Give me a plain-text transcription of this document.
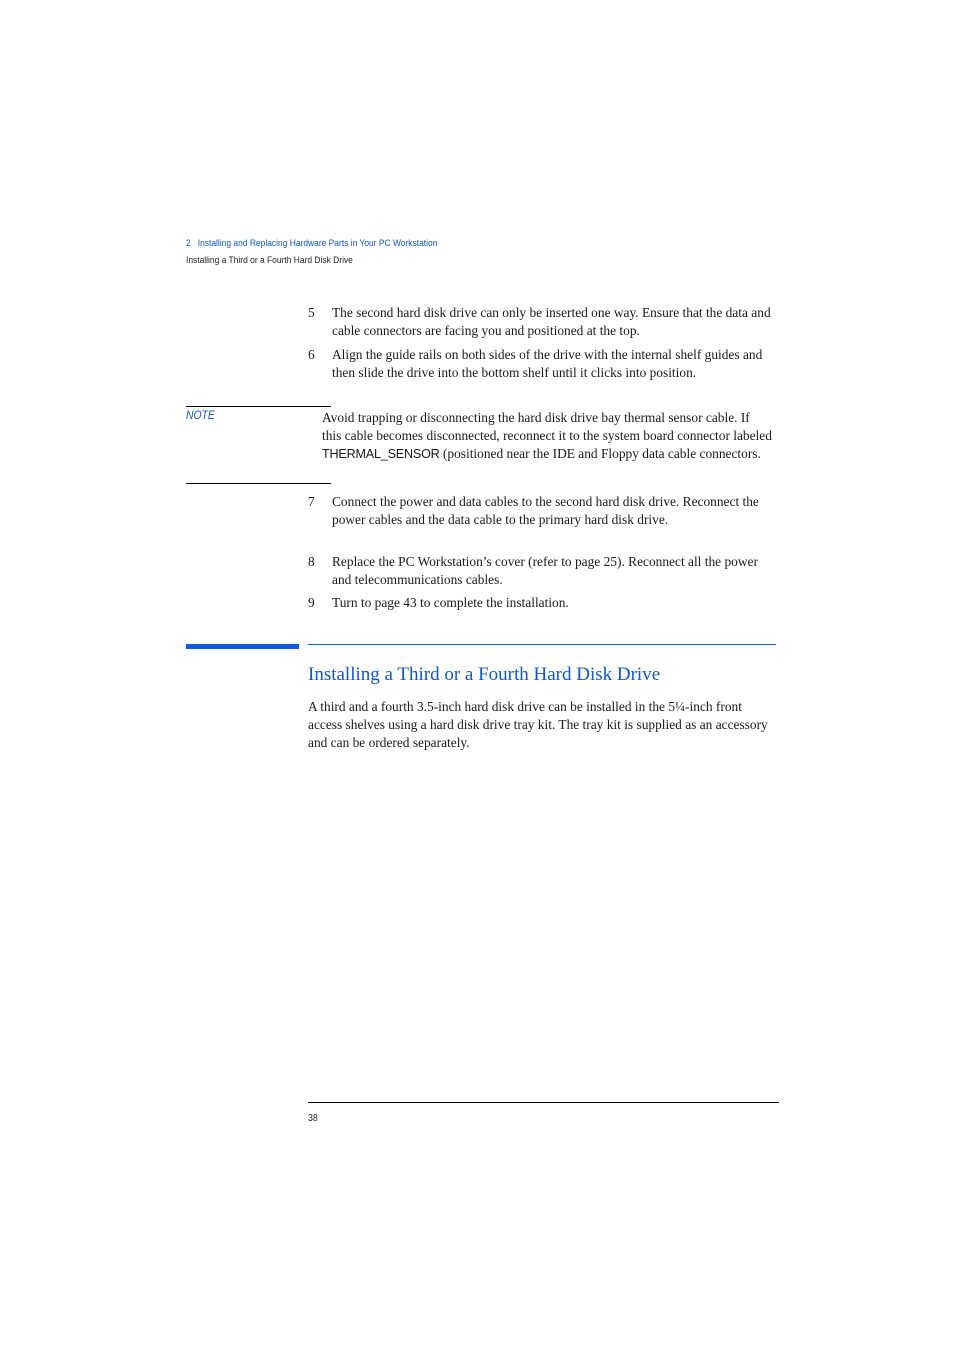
2 Installing and Replacing Hardware Parts in Your PC Workstation
Installing a Third or a Fourth Hard Disk Drive
5	The second hard disk drive can only be inserted one way. Ensure that the data and cable connectors are facing you and positioned at the top.
6	Align the guide rails on both sides of the drive with the internal shelf guides and then slide the drive into the bottom shelf until it clicks into position.
NOTE	Avoid trapping or disconnecting the hard disk drive bay thermal sensor cable. If this cable becomes disconnected, reconnect it to the system board connector labeled THERMAL_SENSOR (positioned near the IDE and Floppy data cable connectors.
7	Connect the power and data cables to the second hard disk drive. Reconnect the power cables and the data cable to the primary hard disk drive.
8	Replace the PC Workstation’s cover (refer to page 25). Reconnect all the power and telecommunications cables.
9	Turn to page 43 to complete the installation.
Installing a Third or a Fourth Hard Disk Drive
A third and a fourth 3.5-inch hard disk drive can be installed in the 5¼-inch front access shelves using a hard disk drive tray kit. The tray kit is supplied as an accessory and can be ordered separately.
38
